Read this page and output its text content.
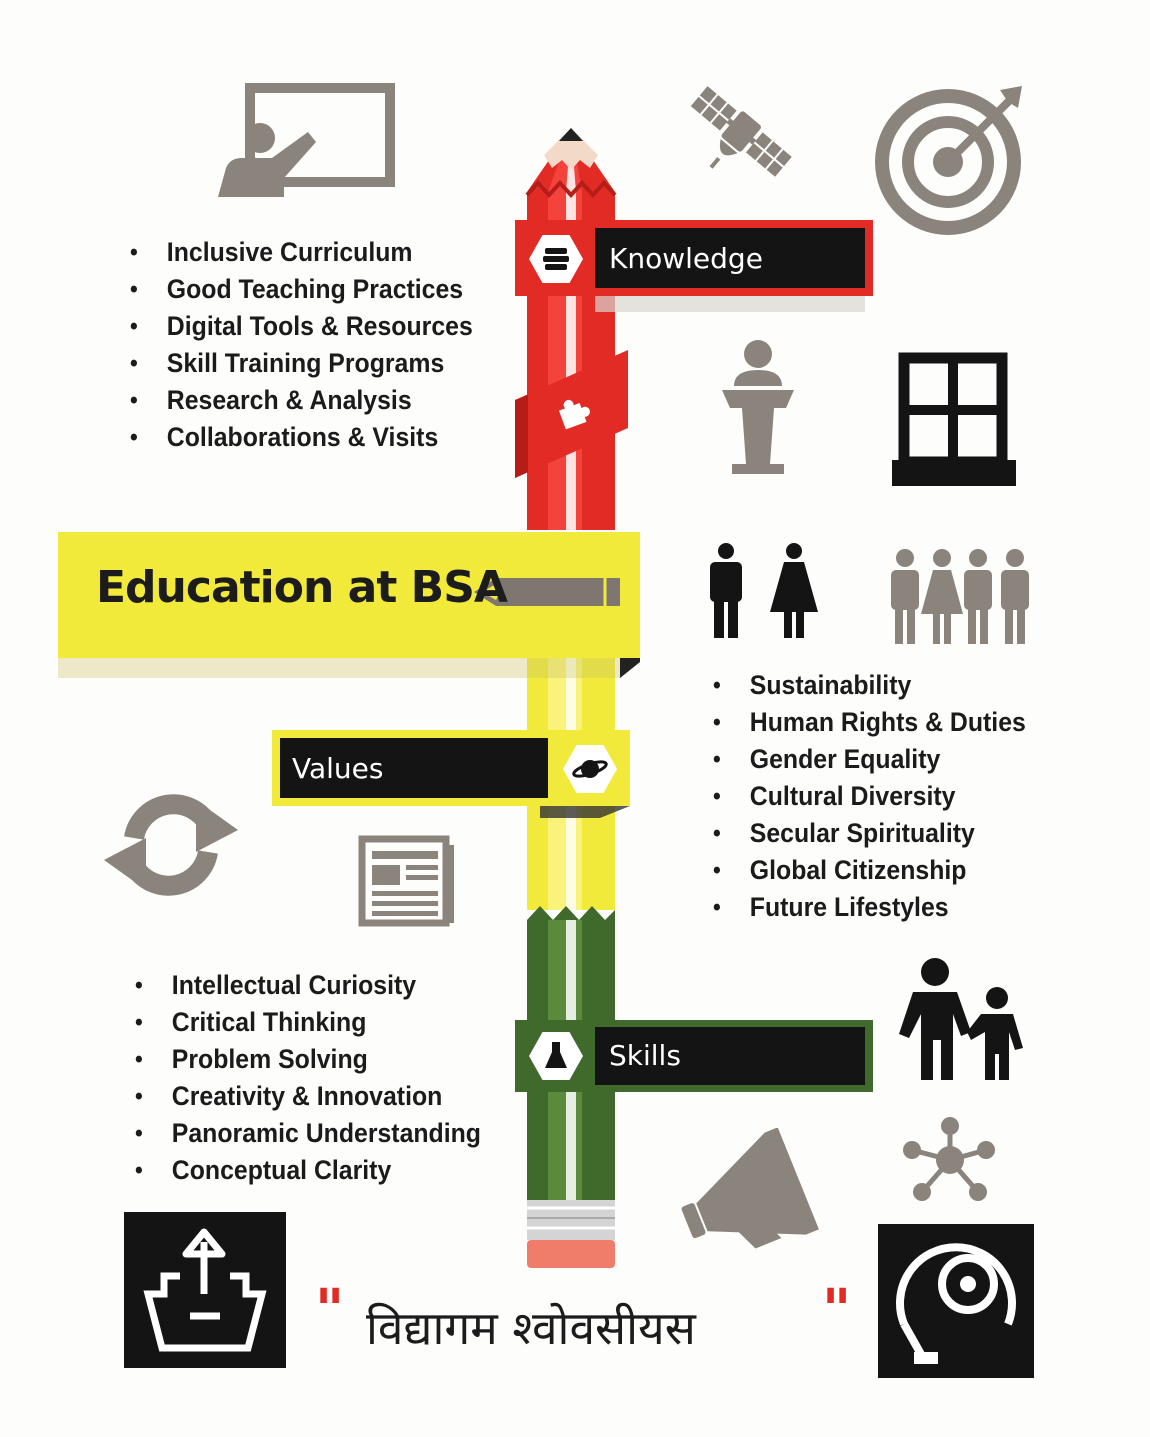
Knowledge
Values
Skills
Education at BSA
• Inclusive Curriculum
• Good Teaching Practices
• Digital Tools & Resources
• Skill Training Programs
• Research & Analysis
• Collaborations & Visits
• Sustainability
• Human Rights & Duties
• Gender Equality
• Cultural Diversity
• Secular Spirituality
• Global Citizenship
• Future Lifestyles
• Intellectual Curiosity
• Critical Thinking
• Problem Solving
• Creativity & Innovation
• Panoramic Understanding
• Conceptual Clarity
" विद्यागम श्वोवसीयस "
